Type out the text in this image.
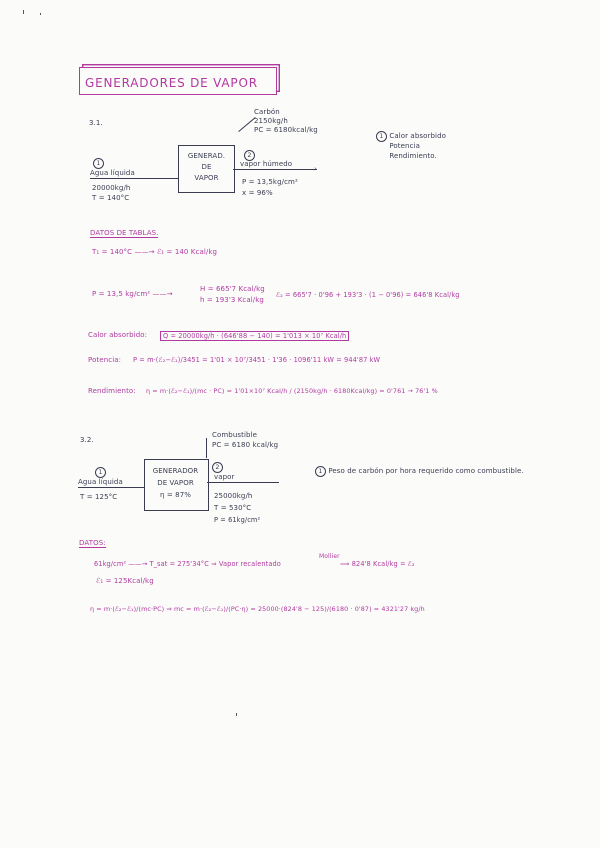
GENERADORES DE VAPOR
3.1.
Carbón
2150kg/h
PC = 6180kcal/kg
1 Calor absorbido
Potencia
Rendimiento.
GENERAD.
DE
VAPOR
1
Agua líquida
20000kg/h
T = 140°C
2
vapor húmedo
›
P = 13,5kg/cm²
x = 96%
DATOS DE TABLAS.
T₁ = 140°C ——→ ℰ₁ = 140 Kcal/kg
P = 13,5 kg/cm² ——→
H = 665'7 Kcal/kg
h = 193'3 Kcal/kg
ℰ₂ = 665'7 · 0'96 + 193'3 · (1 − 0'96) = 646'8 Kcal/kg
Calor absorbido:	Q = 20000kg/h · (646'88 − 140) = 1'013 × 10⁷ Kcal/h
Potencia: P = m·(ℰ₂−ℰ₁)/3451 = 1'01 × 10⁷/3451 · 1'36 · 1096'11 kW = 944'87 kW
Rendimiento: η = m·(ℰ₂−ℰ₁)/(mc · PC) = 1'01×10⁷ Kcal/h / (2150kg/h · 6180Kcal/kg) = 0'761 → 76'1 %
3.2.
Combustible
PC = 6180 kcal/kg
GENERADOR
DE VAPOR
η = 87%
1
Agua líquida
T = 125°C
2
vapor
25000kg/h
T = 530°C
P = 61kg/cm²
1 Peso de carbón por hora requerido como combustible.
DATOS:
61kg/cm² ——→ T_sat = 275'34°C ⇒ Vapor recalentado
Mollier
⟹ 824'8 Kcal/kg = ℰ₂
ℰ₁ = 125Kcal/kg
η = m·(ℰ₂−ℰ₁)/(mc·PC) ⇒ mc = m·(ℰ₂−ℰ₁)/(PC·η) = 25000·(824'8 − 125)/(6180 · 0'87) = 4321'27 kg/h
